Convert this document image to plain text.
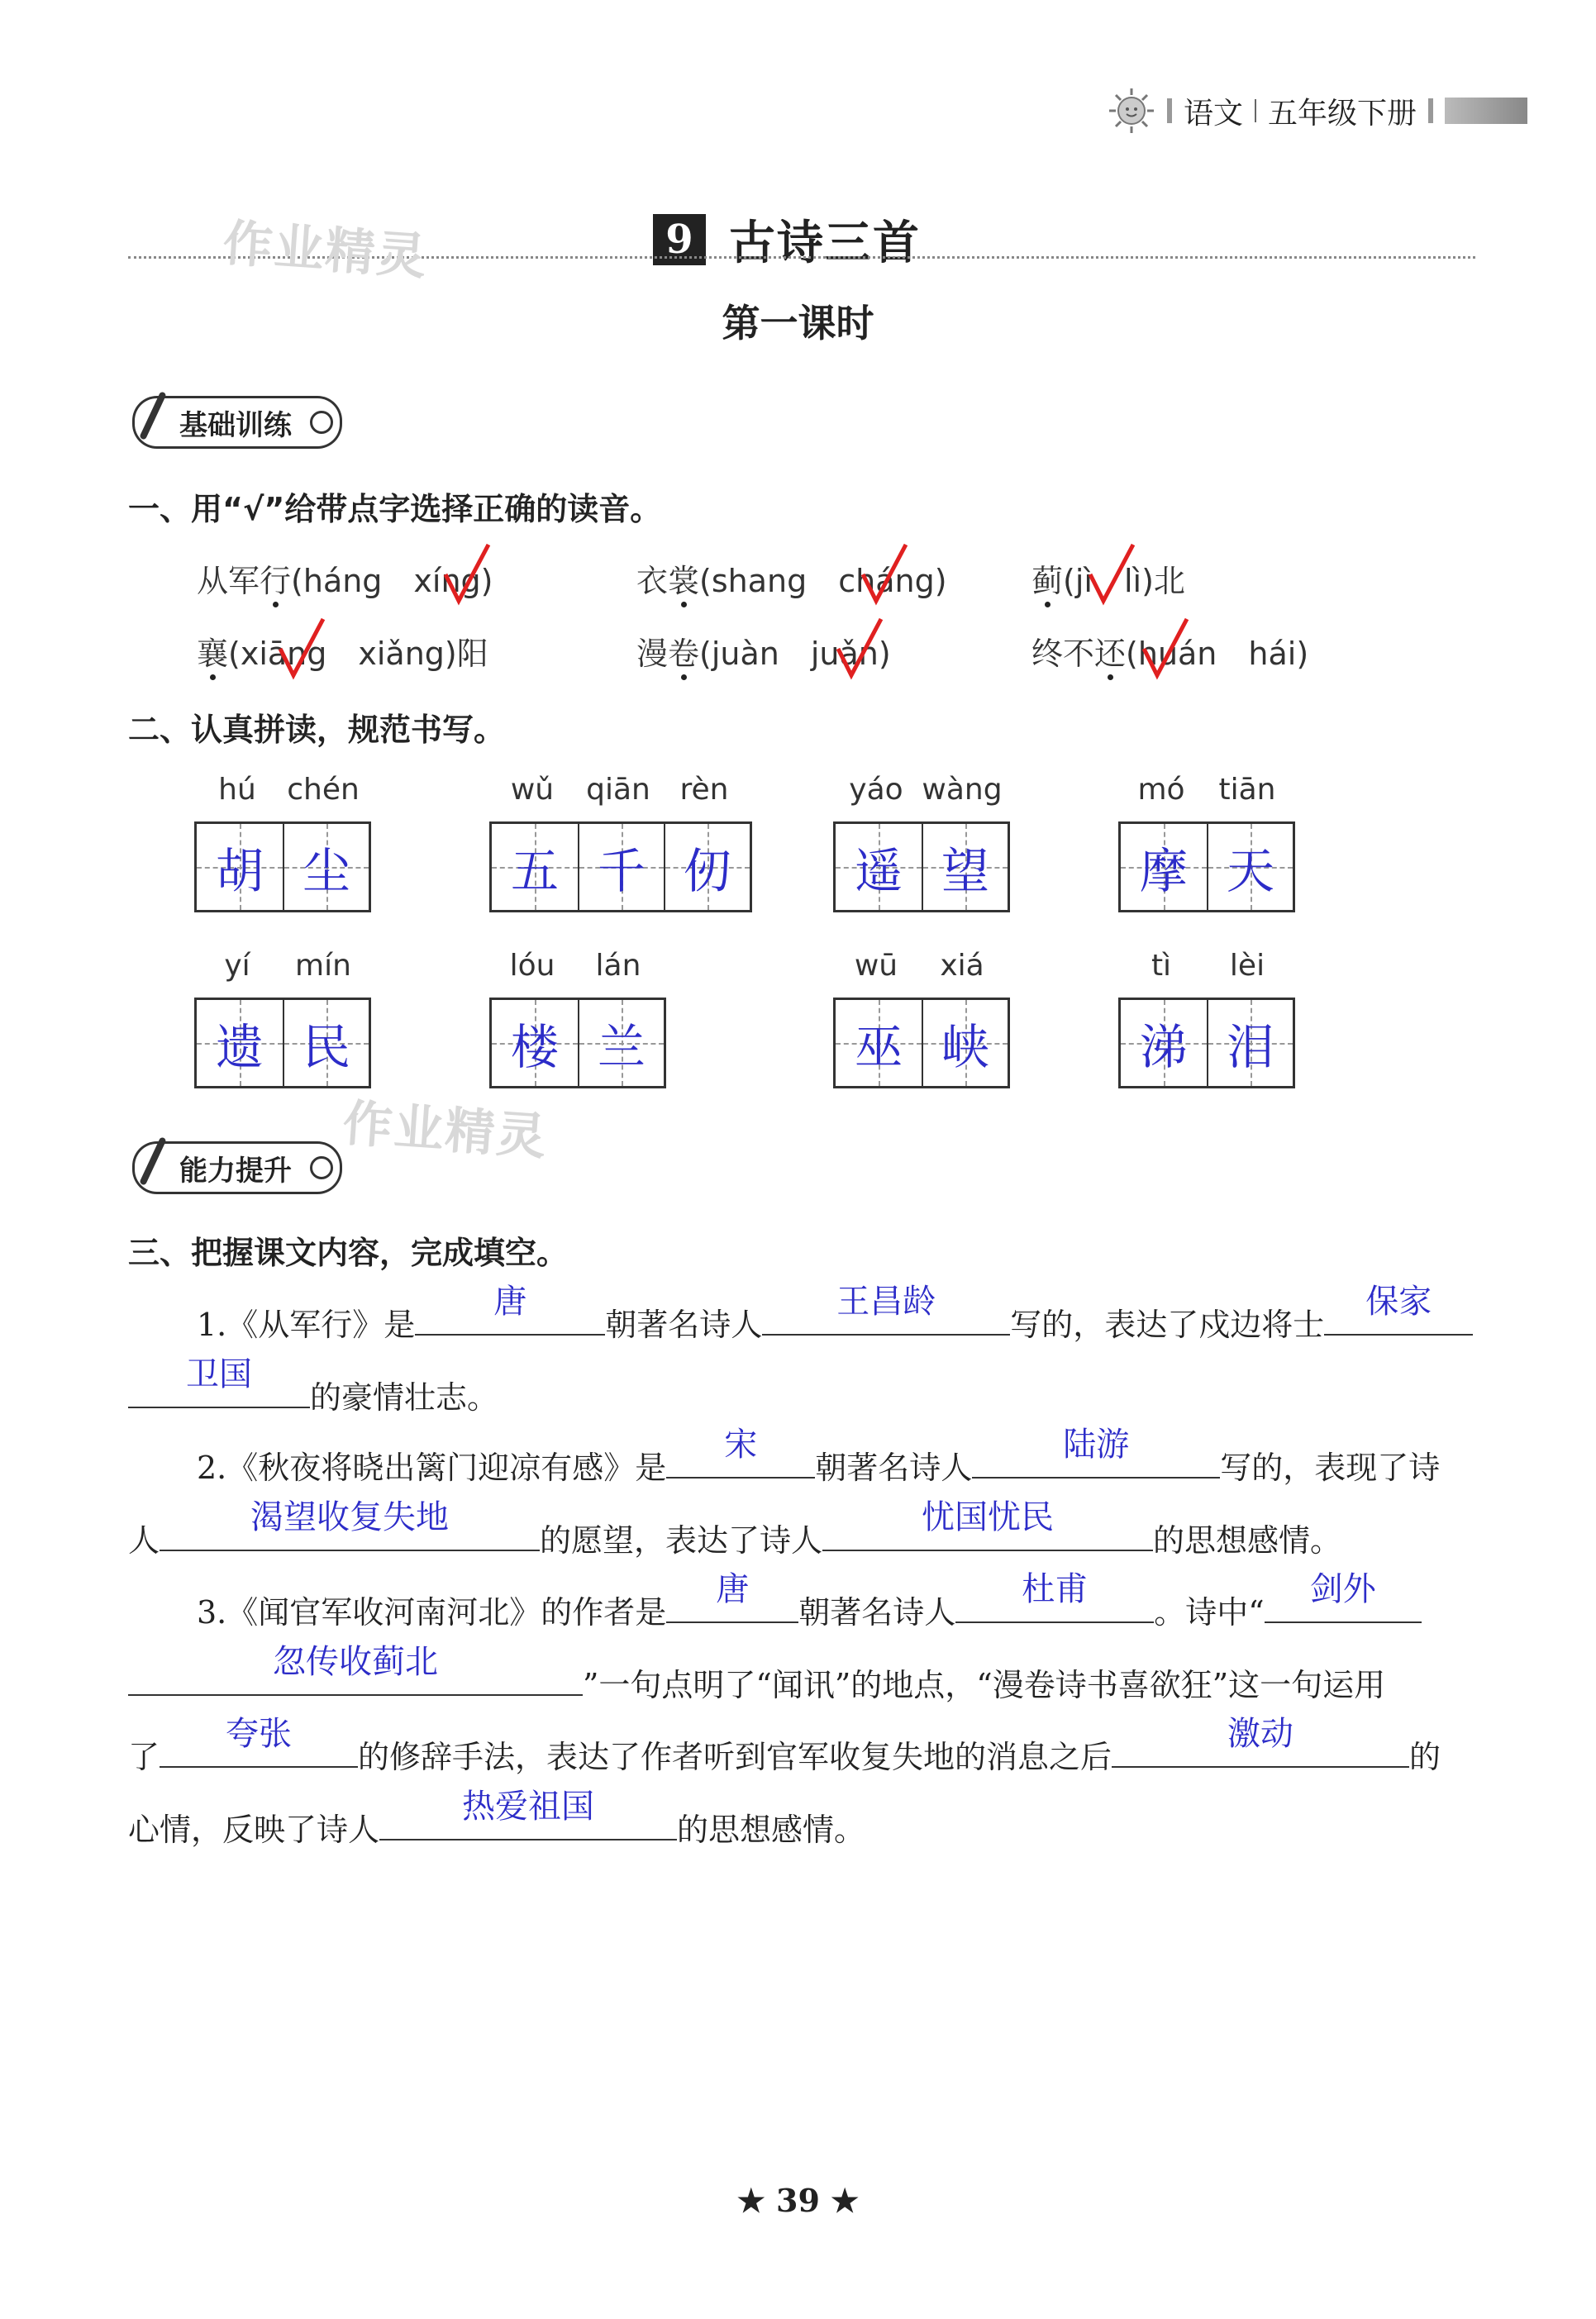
语文 五年级下册
9 古诗三首
第一课时
作业精灵
作业精灵
基础训练
一、用“√”给带点字选择正确的读音。
从军行(háng　xíng)	衣裳(shang　cháng)	蓟(jì　lì)北
襄(xiāng　xiǎng)阳	漫卷(juàn　juǎn)	终不还(huán　hái)
二、认真拼读，规范书写。
hú	chén
胡 尘
wǔ	qiān rèn
五 千 仞
yáo wàng
遥 望
mó	tiān
摩 天
yí	mín
遗 民
lóu	lán
楼 兰
wū	xiá
巫 峡
tì	lèi
涕 泪
能力提升
三、把握课文内容，完成填空。
1.《从军行》是
唐
朝著名诗人
王昌龄
写的，表达了戍边将士
保家
卫国
的豪情壮志。
2.《秋夜将晓出篱门迎凉有感》是
宋
朝著名诗人
陆游
写的，表现了诗
人
渴望收复失地
的愿望，表达了诗人
忧国忧民
的思想感情。
3.《闻官军收河南河北》的作者是
唐
朝著名诗人
杜甫
。诗中“
剑外
忽传收蓟北
”一句点明了“闻讯”的地点，“漫卷诗书喜欲狂”这一句运用
了
夸张
的修辞手法，表达了作者听到官军收复失地的消息之后
激动
的
心情，反映了诗人
热爱祖国
的思想感情。
★ 39 ★
